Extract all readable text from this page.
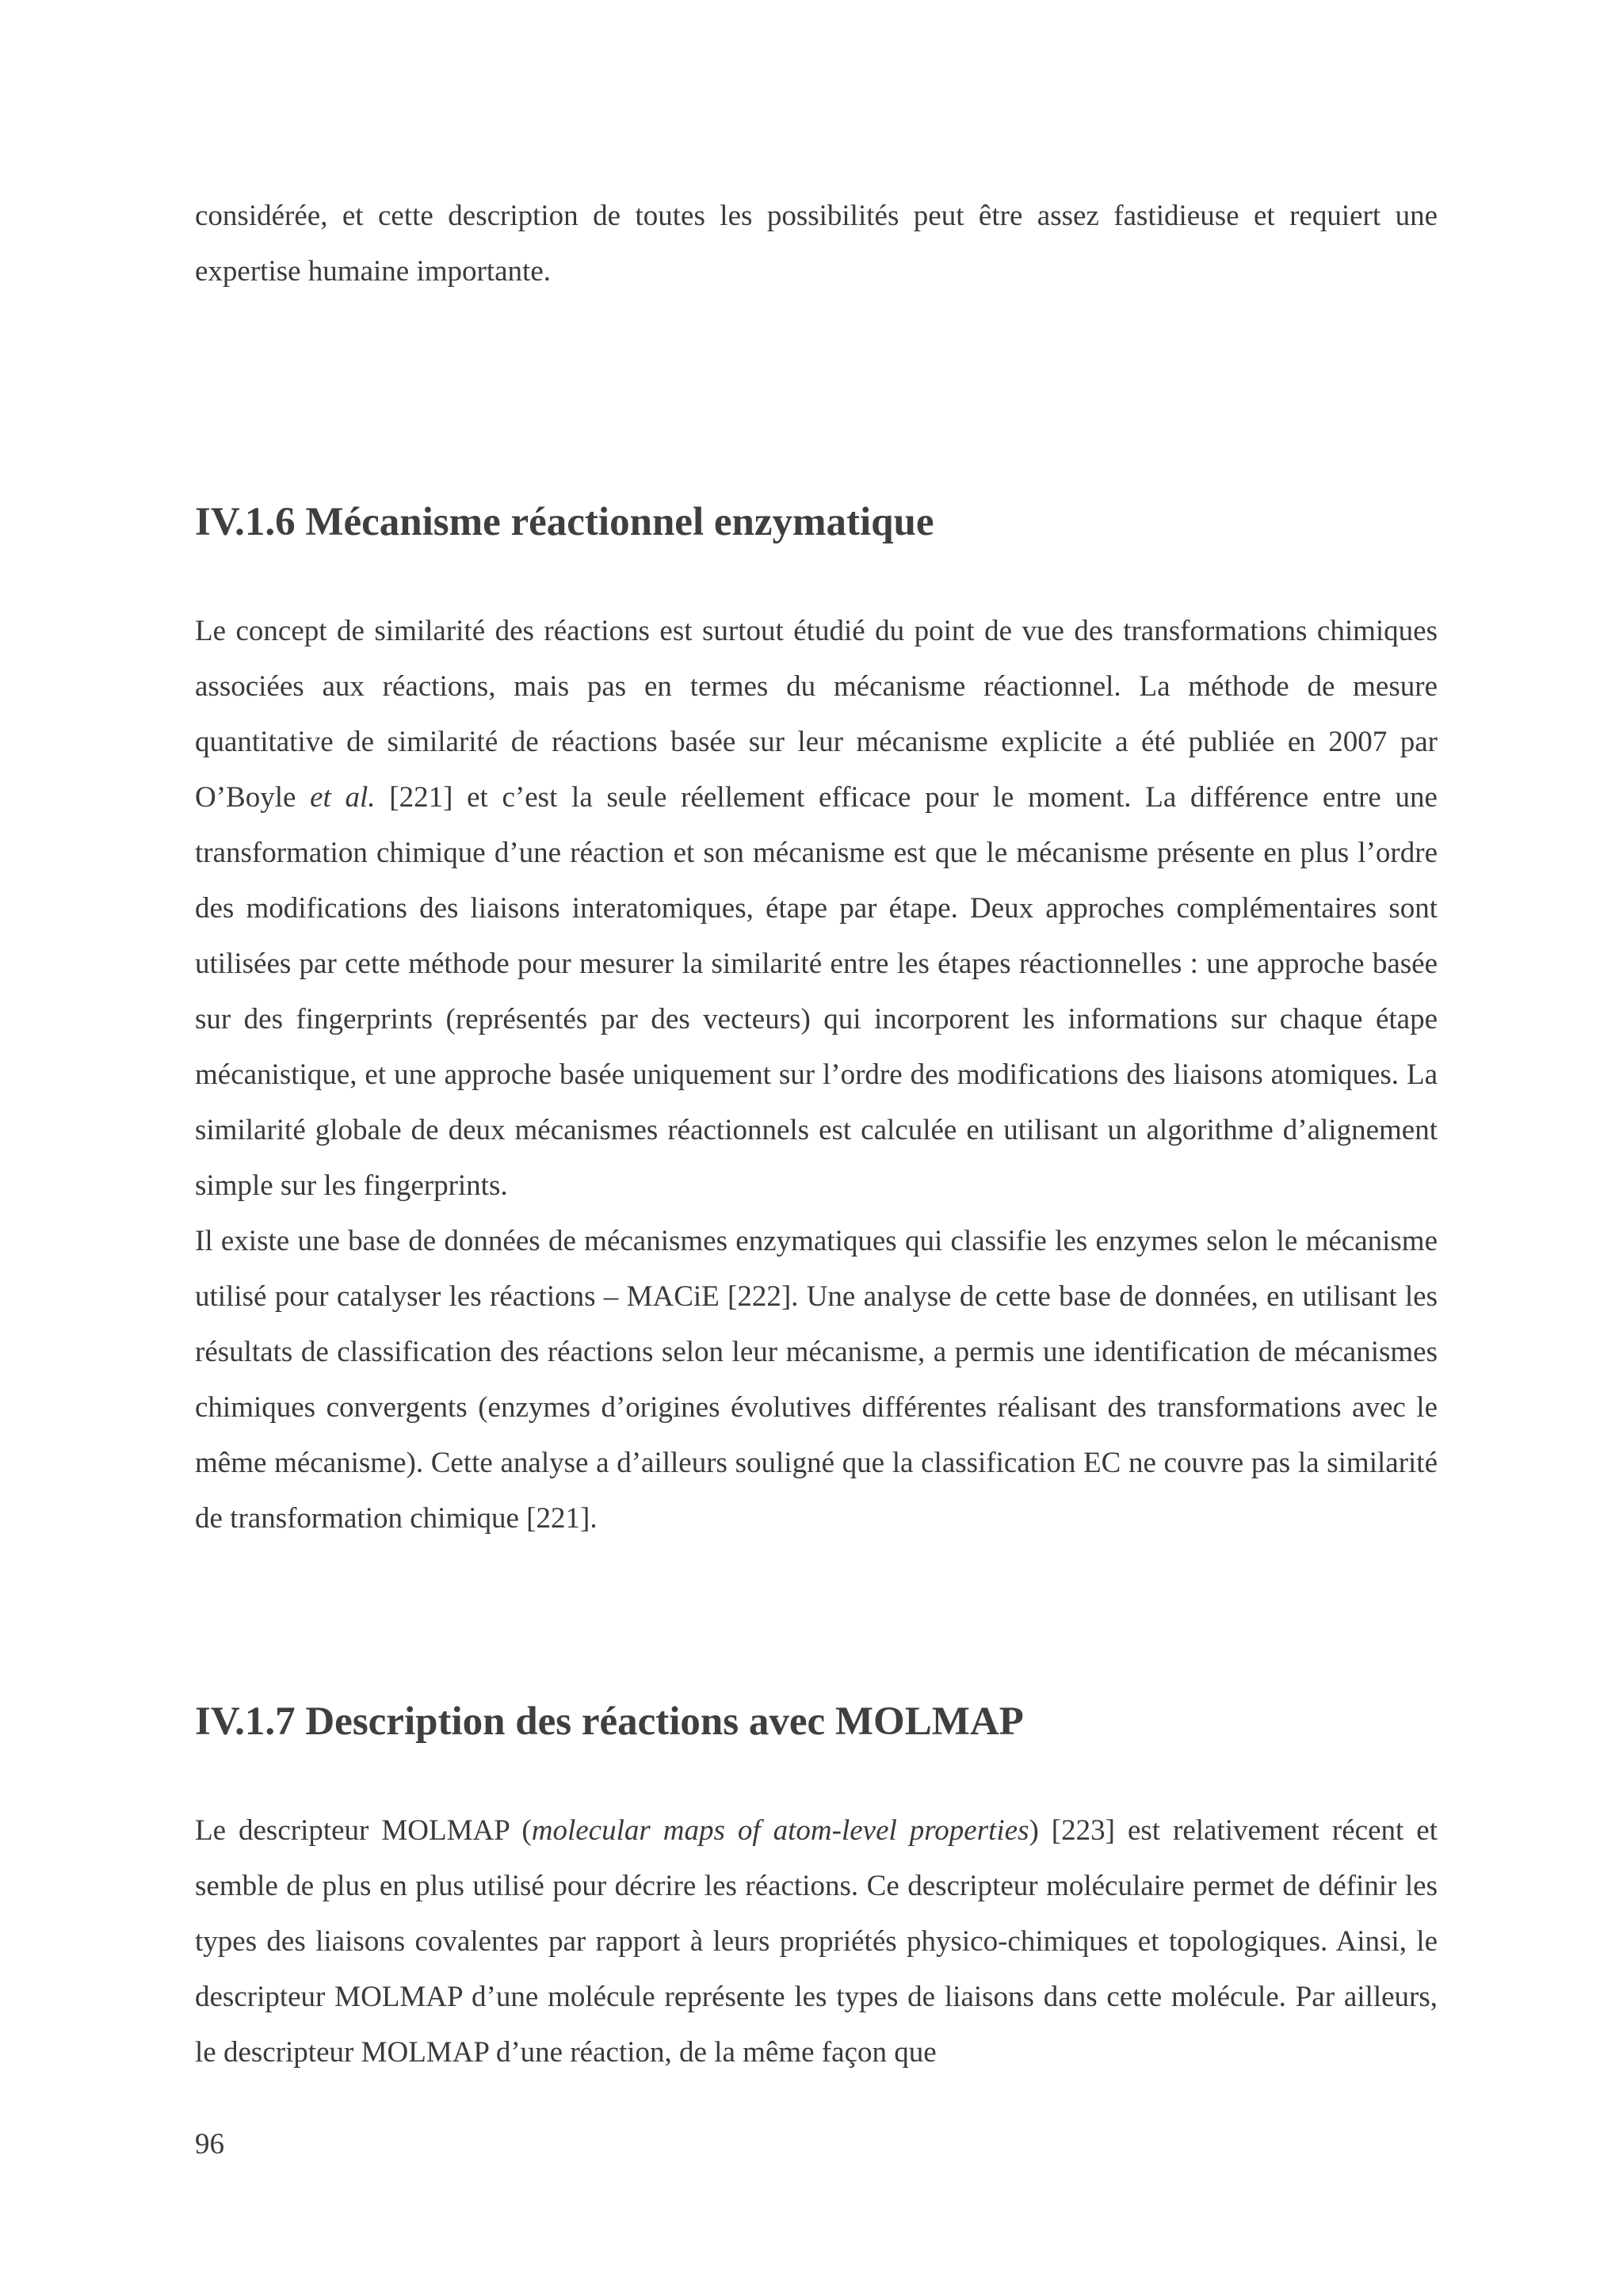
considérée, et cette description de toutes les possibilités peut être assez fastidieuse et requiert une expertise humaine importante.

IV.1.6 Mécanisme réactionnel enzymatique

Le concept de similarité des réactions est surtout étudié du point de vue des transformations chimiques associées aux réactions, mais pas en termes du mécanisme réactionnel. La méthode de mesure quantitative de similarité de réactions basée sur leur mécanisme explicite a été publiée en 2007 par O’Boyle et al. [221] et c’est la seule réellement efficace pour le moment. La différence entre une transformation chimique d’une réaction et son mécanisme est que le mécanisme présente en plus l’ordre des modifications des liaisons interatomiques, étape par étape. Deux approches complémentaires sont utilisées par cette méthode pour mesurer la similarité entre les étapes réactionnelles : une approche basée sur des fingerprints (représentés par des vecteurs) qui incorporent les informations sur chaque étape mécanistique, et une approche basée uniquement sur l’ordre des modifications des liaisons atomiques. La similarité globale de deux mécanismes réactionnels est calculée en utilisant un algorithme d’alignement simple sur les fingerprints.

Il existe une base de données de mécanismes enzymatiques qui classifie les enzymes selon le mécanisme utilisé pour catalyser les réactions – MACiE [222]. Une analyse de cette base de données, en utilisant les résultats de classification des réactions selon leur mécanisme, a permis une identification de mécanismes chimiques convergents (enzymes d’origines évolutives différentes réalisant des transformations avec le même mécanisme). Cette analyse a d’ailleurs souligné que la classification EC ne couvre pas la similarité de transformation chimique [221].

IV.1.7 Description des réactions avec MOLMAP

Le descripteur MOLMAP (molecular maps of atom-level properties) [223] est relativement récent et semble de plus en plus utilisé pour décrire les réactions. Ce descripteur moléculaire permet de définir les types des liaisons covalentes par rapport à leurs propriétés physico-chimiques et topologiques. Ainsi, le descripteur MOLMAP d’une molécule représente les types de liaisons dans cette molécule. Par ailleurs, le descripteur MOLMAP d’une réaction, de la même façon que

96
